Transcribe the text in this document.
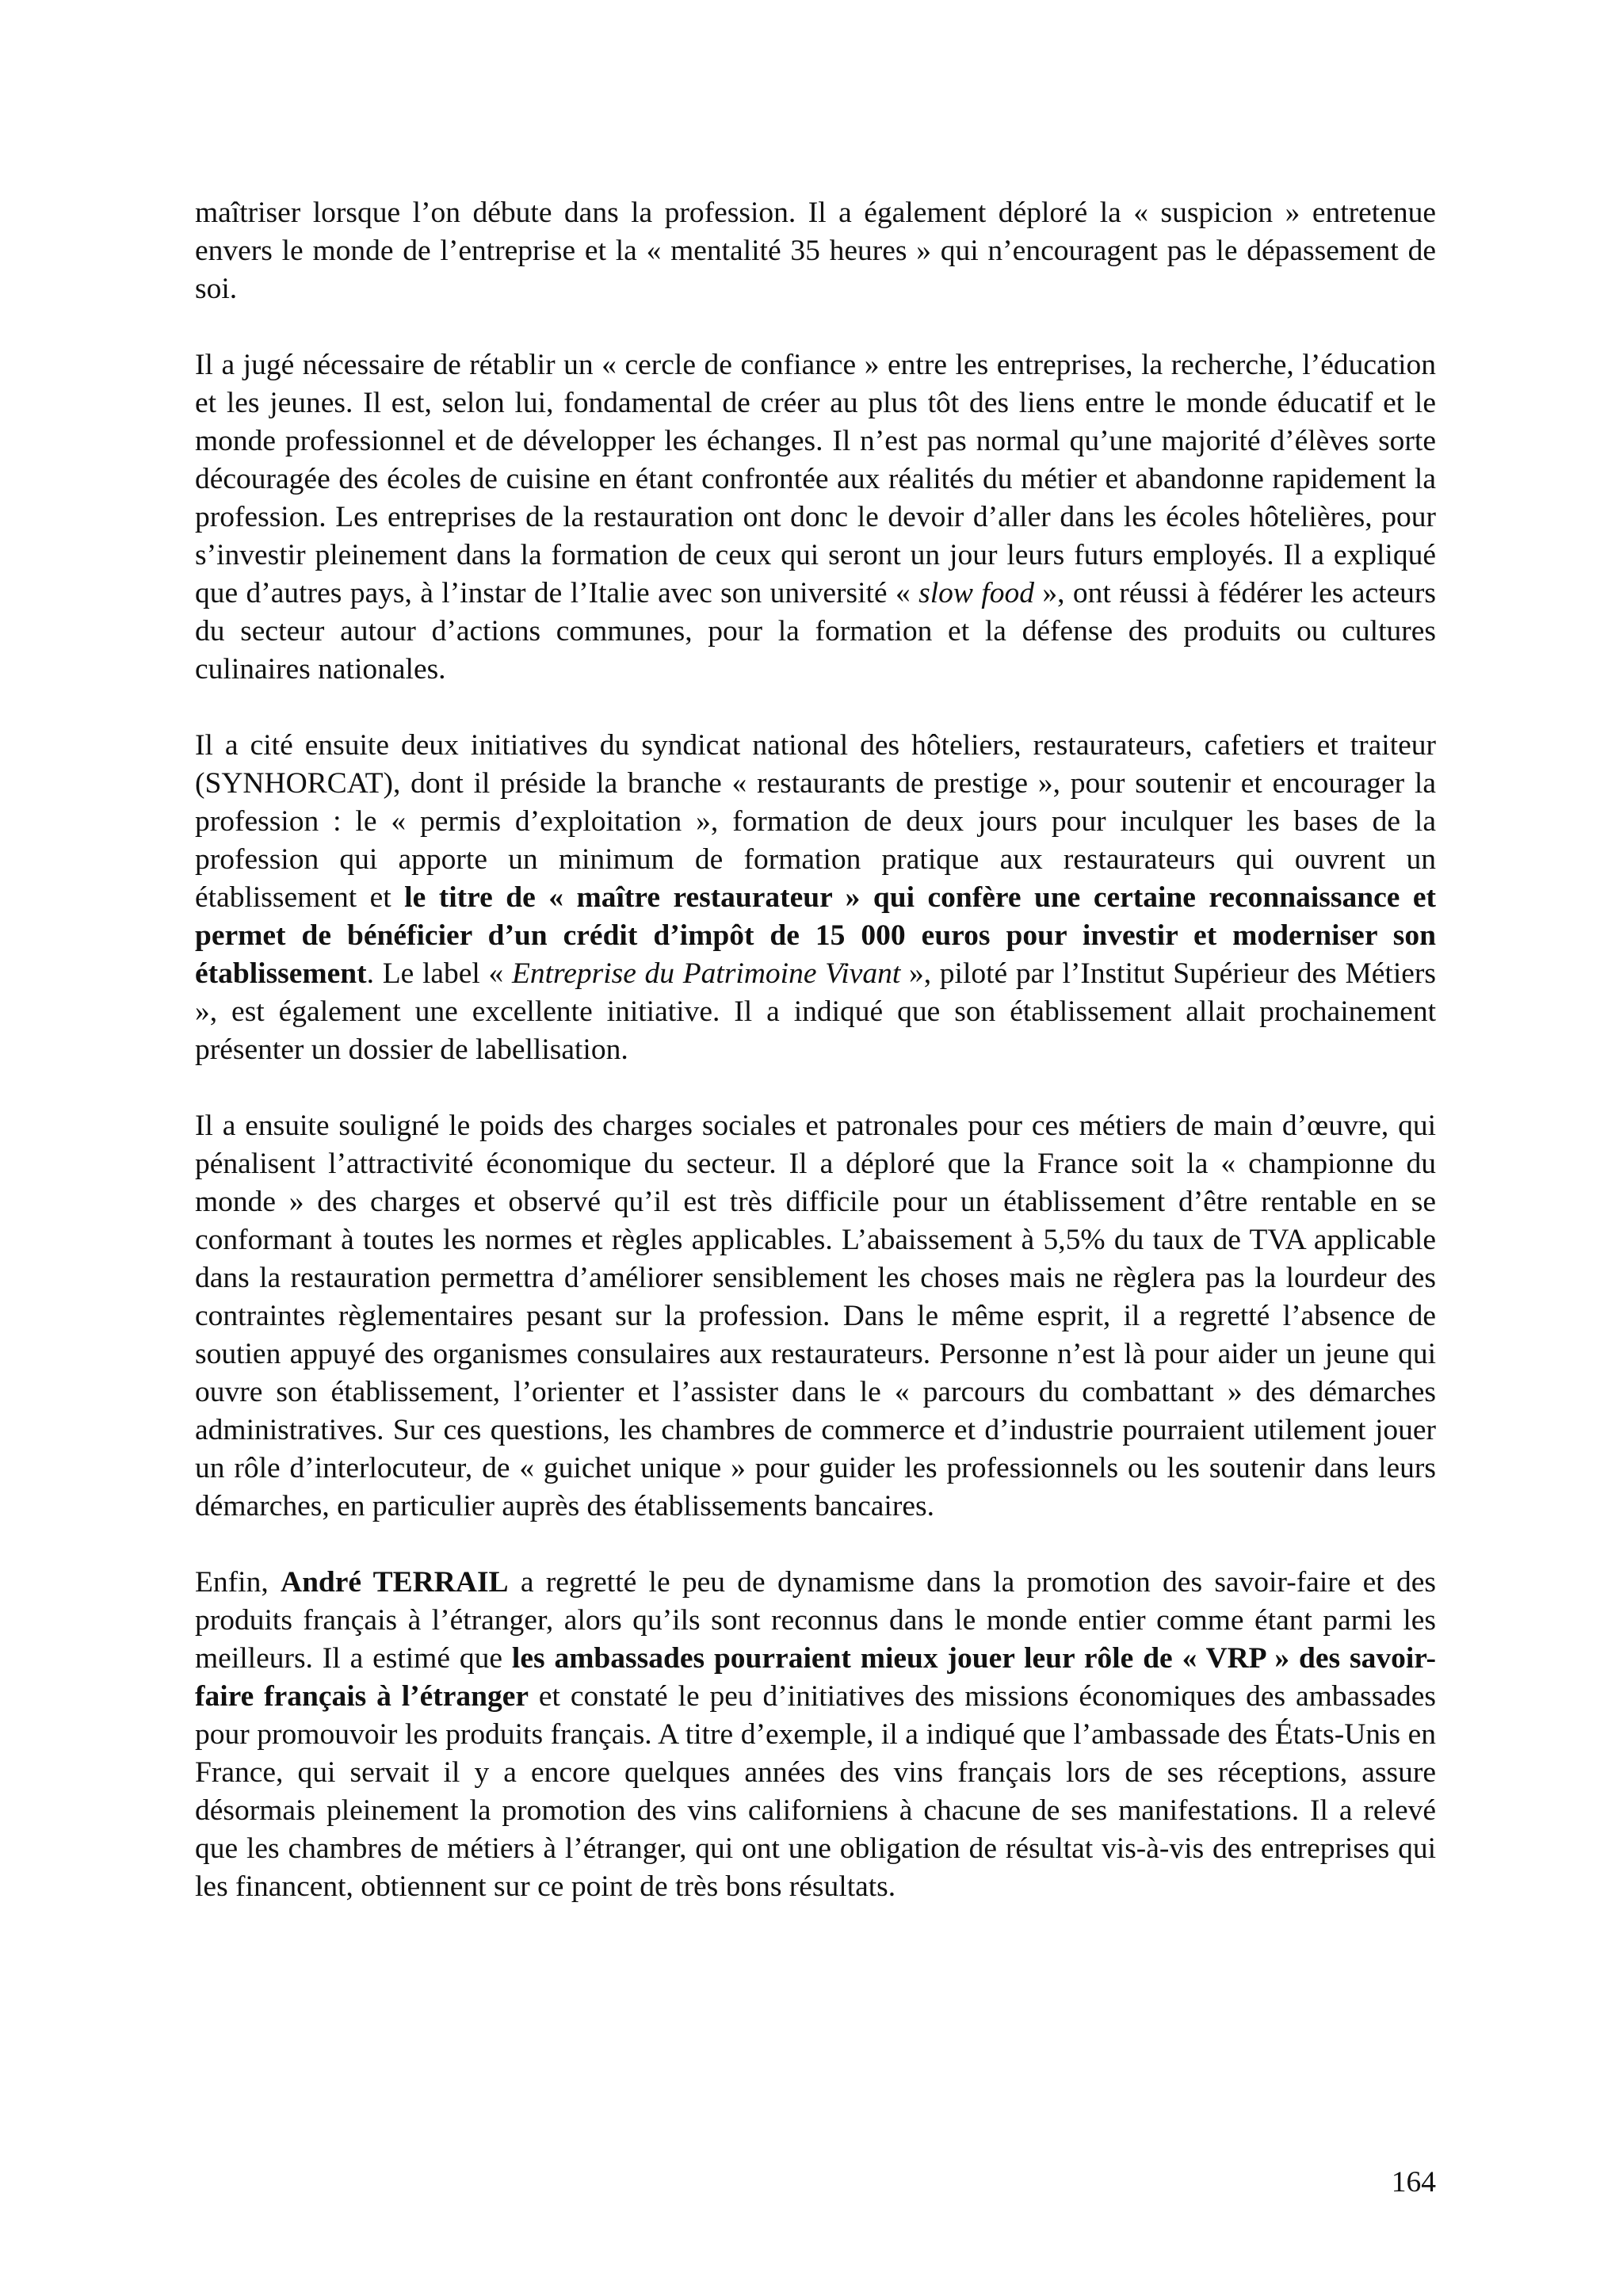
maîtriser lorsque l’on débute dans la profession. Il a également déploré la « suspicion » entretenue envers le monde de l’entreprise et la « mentalité 35 heures » qui n’encouragent pas le dépassement de soi.

Il a jugé nécessaire de rétablir un « cercle de confiance » entre les entreprises, la recherche, l’éducation et les jeunes. Il est, selon lui, fondamental de créer au plus tôt des liens entre le monde éducatif et le monde professionnel et de développer les échanges. Il n’est pas normal qu’une majorité d’élèves sorte découragée des écoles de cuisine en étant confrontée aux réalités du métier et abandonne rapidement la profession. Les entreprises de la restauration ont donc le devoir d’aller dans les écoles hôtelières, pour s’investir pleinement dans la formation de ceux qui seront un jour leurs futurs employés. Il a expliqué que d’autres pays, à l’instar de l’Italie avec son université « slow food », ont réussi à fédérer les acteurs du secteur autour d’actions communes, pour la formation et la défense des produits ou cultures culinaires nationales.

Il a cité ensuite deux initiatives du syndicat national des hôteliers, restaurateurs, cafetiers et traiteur (SYNHORCAT), dont il préside la branche « restaurants de prestige », pour soutenir et encourager la profession : le « permis d’exploitation », formation de deux jours pour inculquer les bases de la profession qui apporte un minimum de formation pratique aux restaurateurs qui ouvrent un établissement et le titre de « maître restaurateur » qui confère une certaine reconnaissance et permet de bénéficier d’un crédit d’impôt de 15 000 euros pour investir et moderniser son établissement. Le label « Entreprise du Patrimoine Vivant », piloté par l’Institut Supérieur des Métiers », est également une excellente initiative. Il a indiqué que son établissement allait prochainement présenter un dossier de labellisation.

Il a ensuite souligné le poids des charges sociales et patronales pour ces métiers de main d’œuvre, qui pénalisent l’attractivité économique du secteur. Il a déploré que la France soit la « championne du monde » des charges et observé qu’il est très difficile pour un établissement d’être rentable en se conformant à toutes les normes et règles applicables. L’abaissement à 5,5% du taux de TVA applicable dans la restauration permettra d’améliorer sensiblement les choses mais ne règlera pas la lourdeur des contraintes règlementaires pesant sur la profession. Dans le même esprit, il a regretté l’absence de soutien appuyé des organismes consulaires aux restaurateurs. Personne n’est là pour aider un jeune qui ouvre son établissement, l’orienter et l’assister dans le « parcours du combattant » des démarches administratives. Sur ces questions, les chambres de commerce et d’industrie pourraient utilement jouer un rôle d’interlocuteur, de « guichet unique » pour guider les professionnels ou les soutenir dans leurs démarches, en particulier auprès des établissements bancaires.

Enfin, André TERRAIL a regretté le peu de dynamisme dans la promotion des savoir-faire et des produits français à l’étranger, alors qu’ils sont reconnus dans le monde entier comme étant parmi les meilleurs. Il a estimé que les ambassades pourraient mieux jouer leur rôle de « VRP » des savoir-faire français à l’étranger et constaté le peu d’initiatives des missions économiques des ambassades pour promouvoir les produits français. A titre d’exemple, il a indiqué que l’ambassade des États-Unis en France, qui servait il y a encore quelques années des vins français lors de ses réceptions, assure désormais pleinement la promotion des vins californiens à chacune de ses manifestations. Il a relevé que les chambres de métiers à l’étranger, qui ont une obligation de résultat vis-à-vis des entreprises qui les financent, obtiennent sur ce point de très bons résultats.

164
